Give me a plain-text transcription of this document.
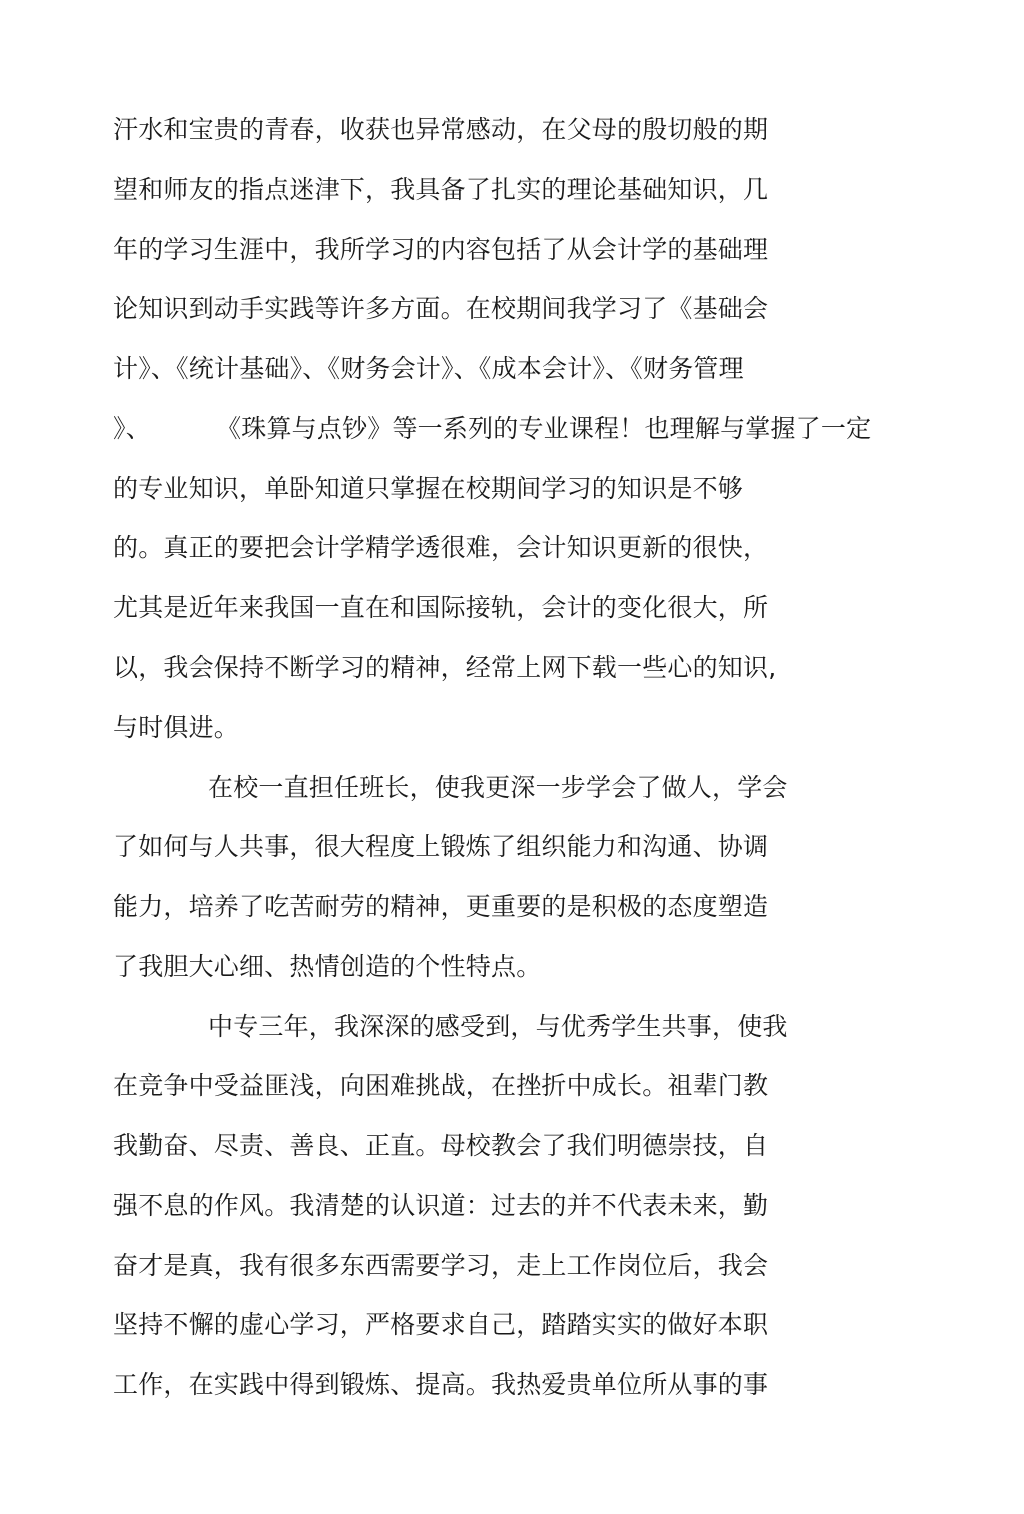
汗水和宝贵的青春，收获也异常感动，在父母的殷切般的期
望和师友的指点迷津下，我具备了扎实的理论基础知识，几
年的学习生涯中，我所学习的内容包括了从会计学的基础理
论知识到动手实践等许多方面。在校期间我学习了《基础会
计》、《统计基础》、《财务会计》、《成本会计》、《财务管理
》、        《珠算与点钞》等一系列的专业课程！也理解与掌握了一定
的专业知识，单卧知道只掌握在校期间学习的知识是不够
的。真正的要把会计学精学透很难，会计知识更新的很快，
尤其是近年来我国一直在和国际接轨，会计的变化很大，所
以，我会保持不断学习的精神，经常上网下载一些心的知识,
与时俱进。
在校一直担任班长，使我更深一步学会了做人，学会
了如何与人共事，很大程度上锻炼了组织能力和沟通、协调
能力，培养了吃苦耐劳的精神，更重要的是积极的态度塑造
了我胆大心细、热情创造的个性特点。
中专三年，我深深的感受到，与优秀学生共事，使我
在竞争中受益匪浅，向困难挑战，在挫折中成长。祖辈门教
我勤奋、尽责、善良、正直。母校教会了我们明德崇技，自
强不息的作风。我清楚的认识道：过去的并不代表未来，勤
奋才是真，我有很多东西需要学习，走上工作岗位后，我会
坚持不懈的虚心学习，严格要求自己，踏踏实实的做好本职
工作，在实践中得到锻炼、提高。我热爱贵单位所从事的事
